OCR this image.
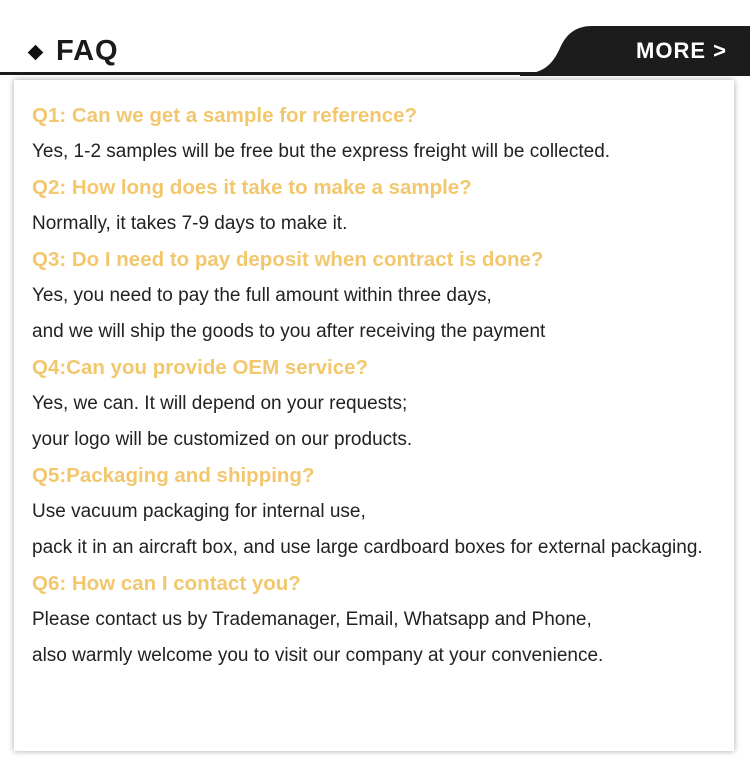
FAQ	MORE >
Q1: Can we get a sample for reference?
Yes, 1-2 samples will be free but the express freight will be collected.
Q2: How long does it take to make a sample?
Normally, it takes 7-9 days to make it.
Q3: Do I need to pay deposit when contract is done?
Yes, you need to pay the full amount within three days,
and we will ship the goods to you after receiving the payment
Q4:Can you provide OEM service?
Yes, we can. It will depend on your requests;
your logo will be customized on our products.
Q5:Packaging and shipping?
Use vacuum packaging for internal use,
pack it in an aircraft box, and use large cardboard boxes for external packaging.
Q6: How can I contact you?
Please contact us by Trademanager, Email, Whatsapp and Phone,
also warmly welcome you to visit our company at your convenience.
